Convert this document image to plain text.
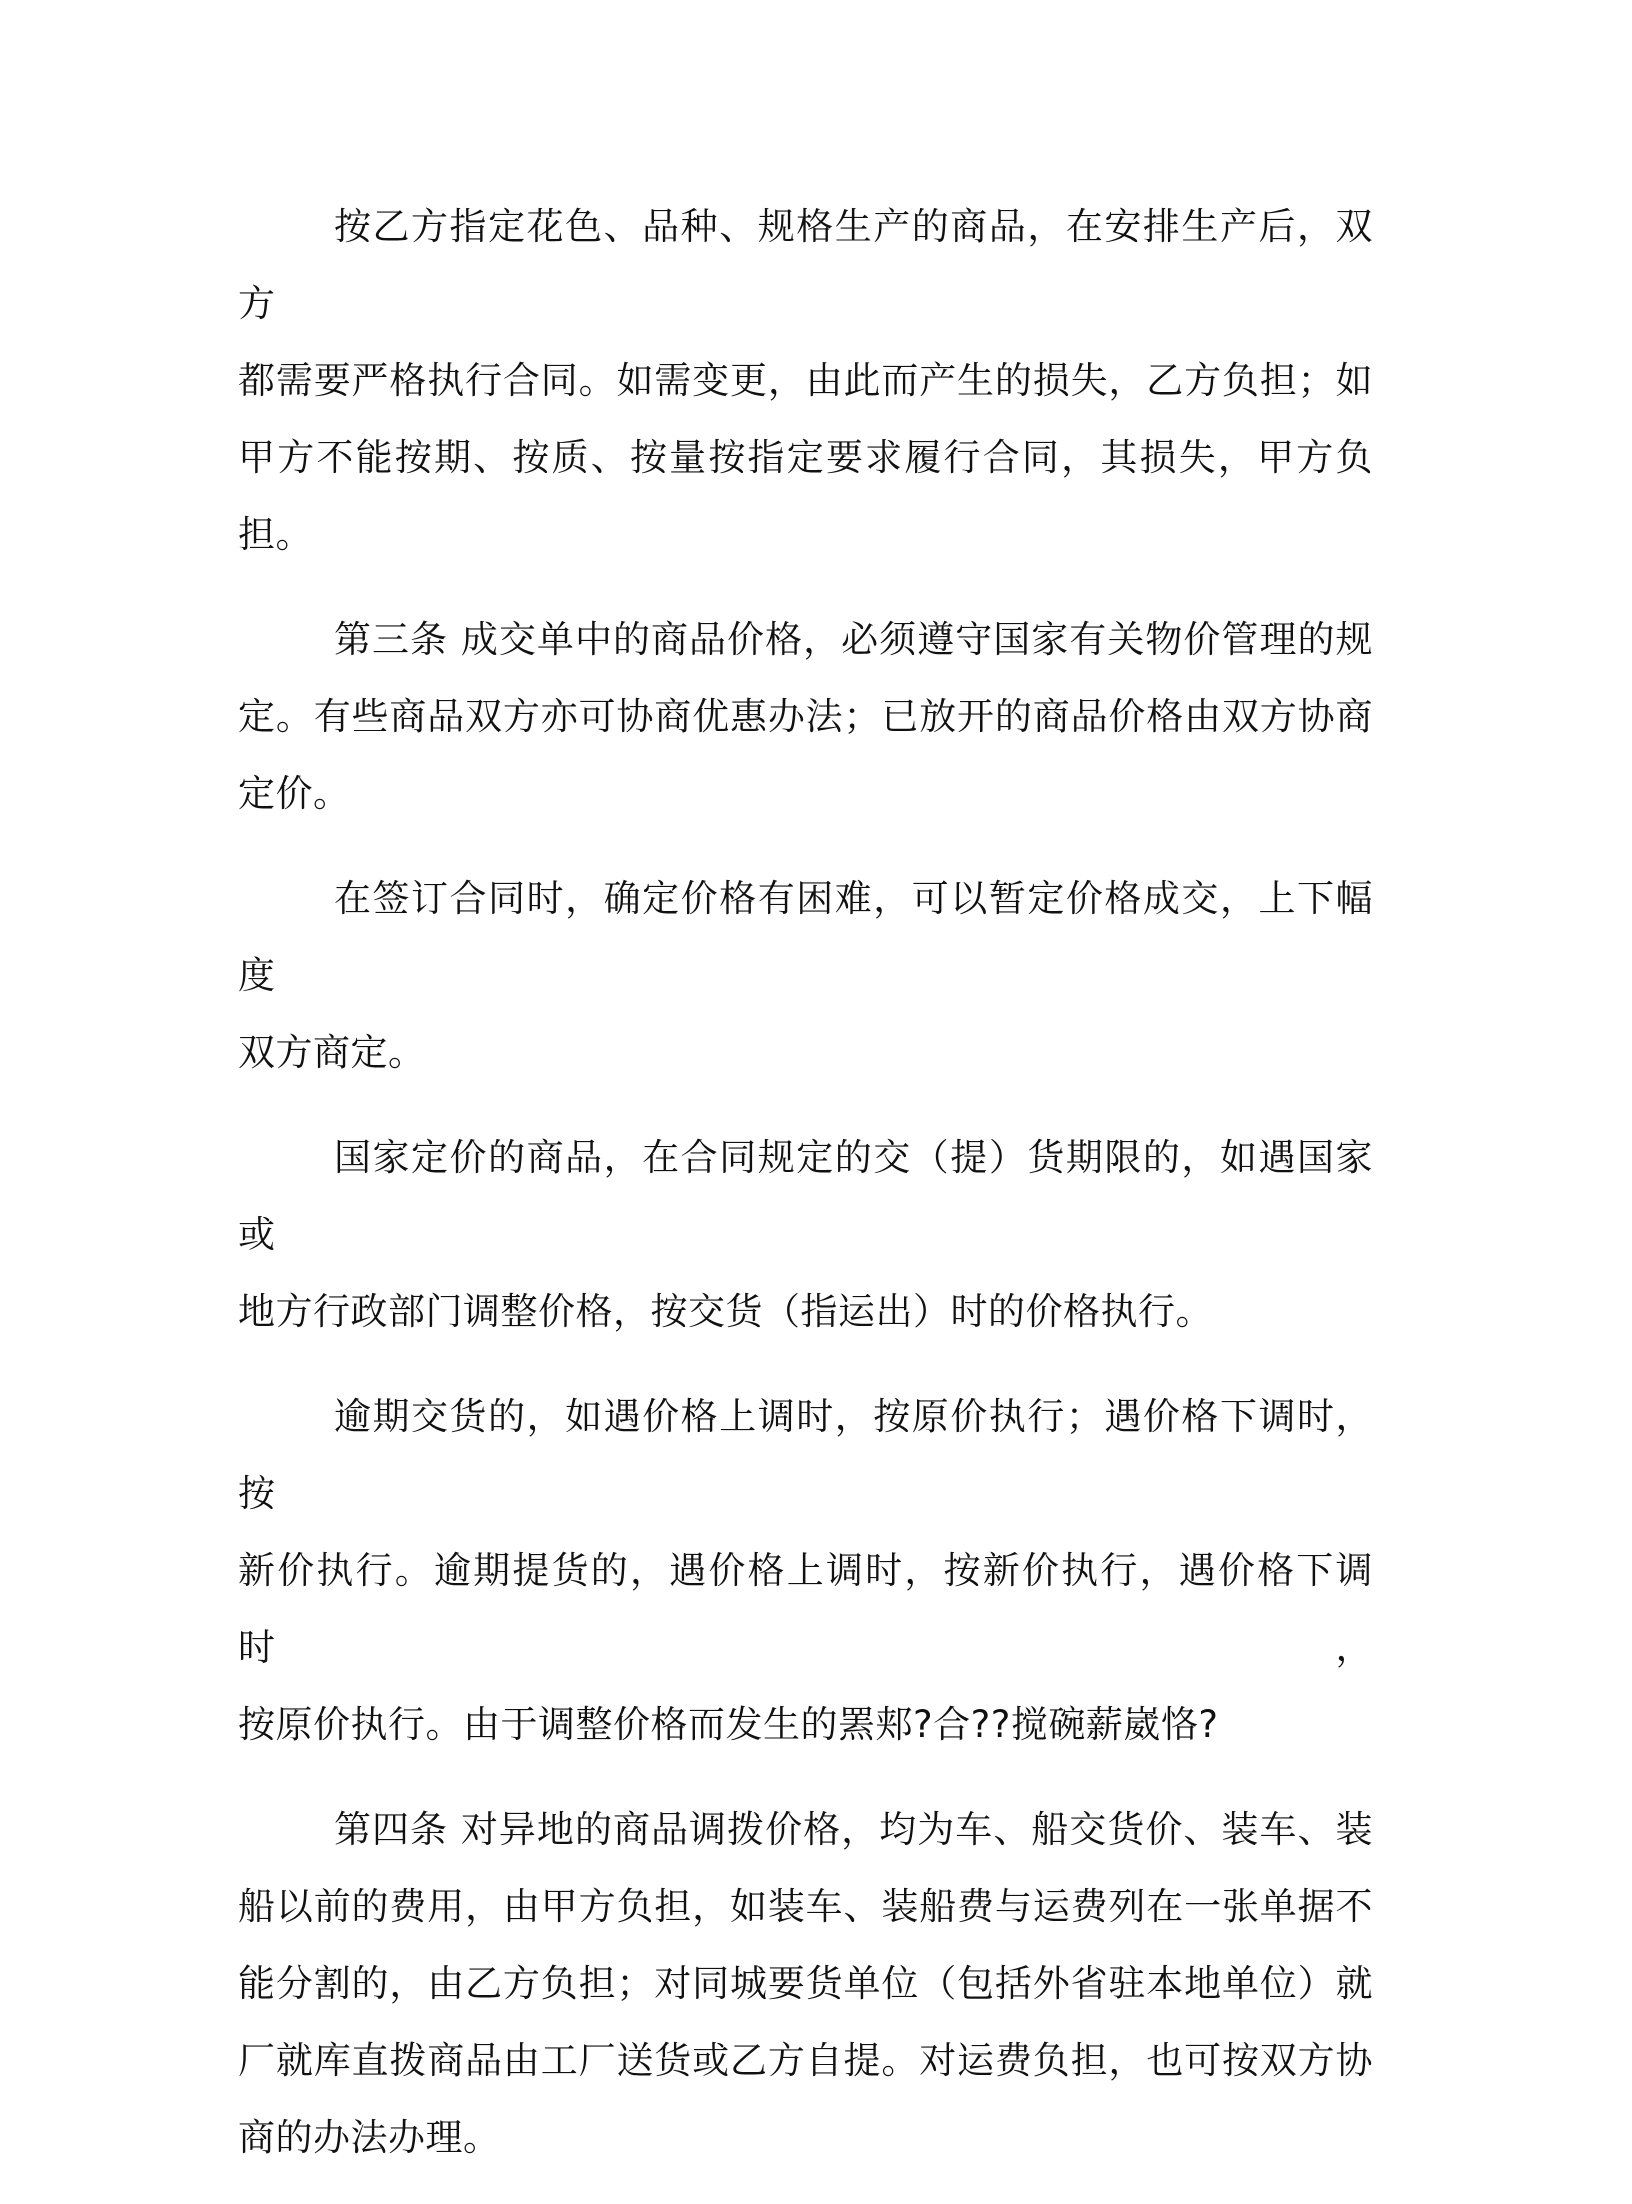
按乙方指定花色、品种、规格生产的商品，在安排生产后，双方
都需要严格执行合同。如需变更，由此而产生的损失，乙方负担；如
甲方不能按期、按质、按量按指定要求履行合同，其损失，甲方负担。
第三条 成交单中的商品价格，必须遵守国家有关物价管理的规
定。有些商品双方亦可协商优惠办法；已放开的商品价格由双方协商
定价。
在签订合同时，确定价格有困难，可以暂定价格成交，上下幅度
双方商定。
国家定价的商品，在合同规定的交（提）货期限的，如遇国家或
地方行政部门调整价格，按交货（指运出）时的价格执行。
逾期交货的，如遇价格上调时，按原价执行；遇价格下调时，按
新价执行。逾期提货的，遇价格上调时，按新价执行，遇价格下调时，
按原价执行。由于调整价格而发生的罴郏?合??搅碗薪崴恪?
第四条 对异地的商品调拨价格，均为车、船交货价、装车、装
船以前的费用，由甲方负担，如装车、装船费与运费列在一张单据不
能分割的，由乙方负担；对同城要货单位（包括外省驻本地单位）就
厂就库直拨商品由工厂送货或乙方自提。对运费负担，也可按双方协
商的办法办理。
